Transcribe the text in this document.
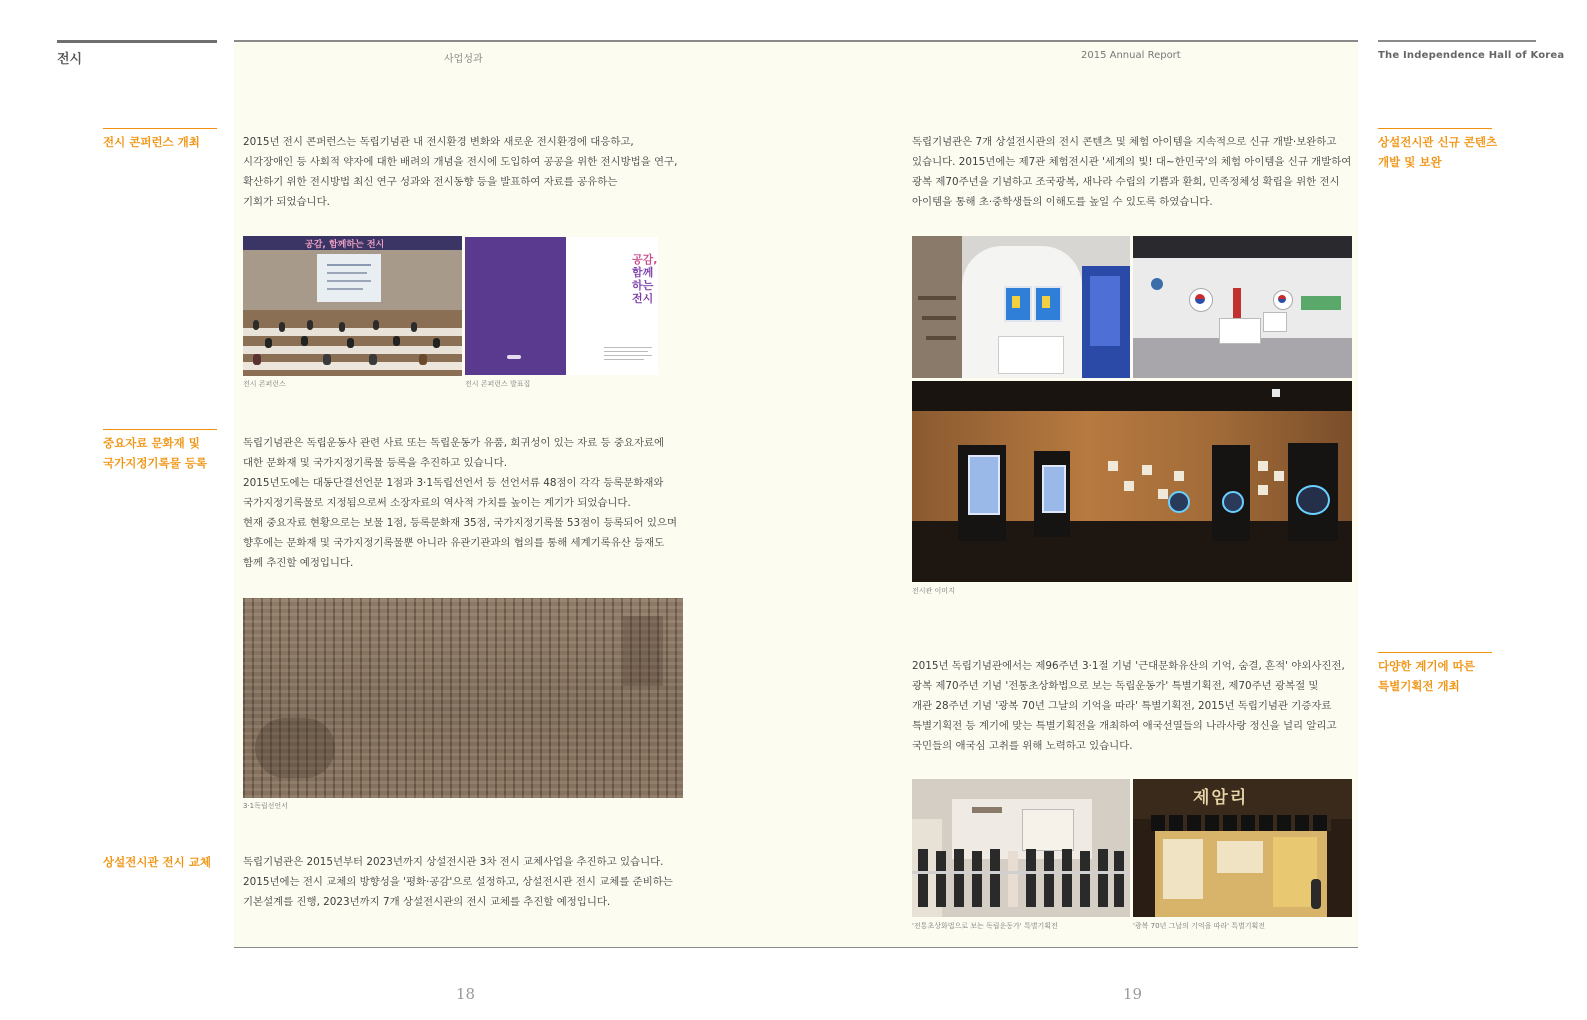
전시	사업성과	2015 Annual Report	The Independence Hall of Korea
전시 콘퍼런스 개최	2015년 전시 콘퍼런스는 독립기념관 내 전시환경 변화와 새로운 전시환경에 대응하고,
시각장애인 등 사회적 약자에 대한 배려의 개념을 전시에 도입하여 공공을 위한 전시방법을 연구,
확산하기 위한 전시방법 최신 연구 성과와 전시동향 등을 발표하여 자료를 공유하는
기회가 되었습니다.
공감, 함께하는 전시
전시 콘퍼런스
공감,
함께
하는
전시
전시 콘퍼런스 발표집
중요자료 문화재 및
국가지정기록물 등록
독립기념관은 독립운동사 관련 사료 또는 독립운동가 유품, 희귀성이 있는 자료 등 중요자료에
대한 문화재 및 국가지정기록물 등록을 추진하고 있습니다.
2015년도에는 대동단결선언문 1점과 3·1독립선언서 등 선언서류 48점이 각각 등록문화재와
국가지정기록물로 지정됨으로써 소장자료의 역사적 가치를 높이는 계기가 되었습니다.
현재 중요자료 현황으로는 보물 1점, 등록문화재 35점, 국가지정기록물 53점이 등록되어 있으며
향후에는 문화재 및 국가지정기록물뿐 아니라 유관기관과의 협의를 통해 세계기록유산 등재도
함께 추진할 예정입니다.
3·1독립선언서
상설전시관 전시 교체	독립기념관은 2015년부터 2023년까지 상설전시관 3차 전시 교체사업을 추진하고 있습니다.
2015년에는 전시 교체의 방향성을 '평화·공감'으로 설정하고, 상설전시관 전시 교체를 준비하는
기본설계를 진행, 2023년까지 7개 상설전시관의 전시 교체를 추진할 예정입니다.
상설전시관 신규 콘텐츠
개발 및 보완
독립기념관은 7개 상설전시관의 전시 콘텐츠 및 체험 아이템을 지속적으로 신규 개발·보완하고
있습니다. 2015년에는 제7관 체험전시관 '세계의 빛! 대~한민국'의 체험 아이템을 신규 개발하여
광복 제70주년을 기념하고 조국광복, 새나라 수립의 기쁨과 환희, 민족정체성 확립을 위한 전시
아이템을 통해 초·중학생들의 이해도를 높일 수 있도록 하였습니다.
전시관 이미지
다양한 계기에 따른
특별기획전 개최
2015년 독립기념관에서는 제96주년 3·1절 기념 '근대문화유산의 기억, 숨결, 흔적' 야외사진전,
광복 제70주년 기념 '전통초상화법으로 보는 독립운동가' 특별기획전, 제70주년 광복절 및
개관 28주년 기념 '광복 70년 그날의 기억을 따라' 특별기획전, 2015년 독립기념관 기증자료
특별기획전 등 계기에 맞는 특별기획전을 개최하여 애국선열들의 나라사랑 정신을 널리 알리고
국민들의 애국심 고취를 위해 노력하고 있습니다.
'전통초상화법으로 보는 독립운동가' 특별기획전
제암리
'광복 70년 그날의 기억을 따라' 특별기획전
18	19
